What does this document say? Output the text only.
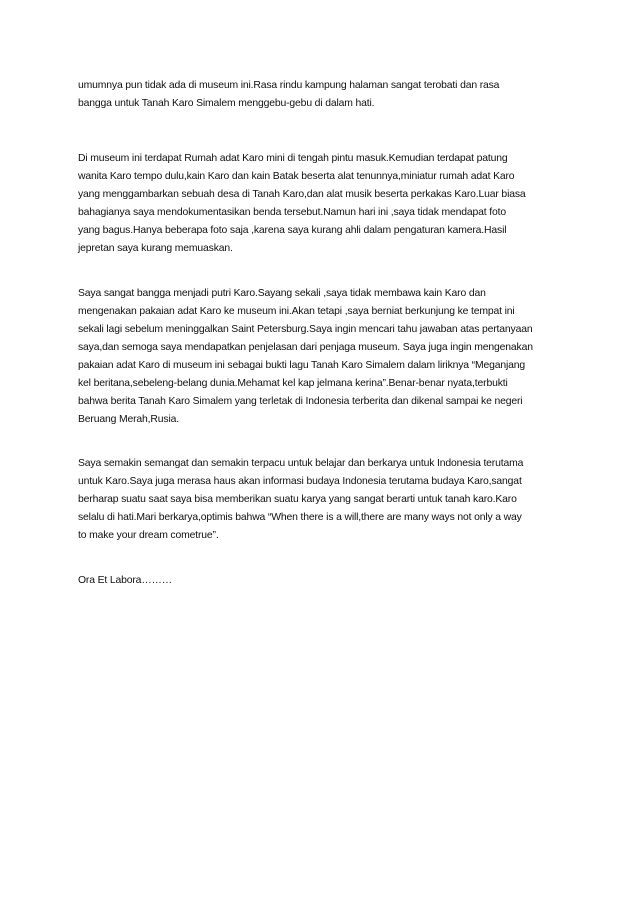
umumnya pun tidak ada di museum ini.Rasa rindu kampung halaman sangat terobati dan rasa
bangga untuk Tanah Karo Simalem menggebu-gebu di dalam hati.
Di museum ini terdapat Rumah adat Karo mini di tengah pintu masuk.Kemudian terdapat patung
wanita Karo tempo dulu,kain Karo dan kain Batak beserta alat tenunnya,miniatur rumah adat Karo
yang menggambarkan sebuah desa di Tanah Karo,dan alat musik beserta perkakas Karo.Luar biasa
bahagianya saya mendokumentasikan benda tersebut.Namun hari ini ,saya tidak mendapat foto
yang bagus.Hanya beberapa foto saja ,karena saya kurang ahli dalam pengaturan kamera.Hasil
jepretan saya kurang memuaskan.
Saya sangat bangga menjadi putri Karo.Sayang sekali ,saya tidak membawa kain Karo dan
mengenakan pakaian adat Karo ke museum ini.Akan tetapi ,saya berniat berkunjung ke tempat ini
sekali lagi sebelum meninggalkan Saint Petersburg.Saya ingin mencari tahu jawaban atas pertanyaan
saya,dan semoga saya mendapatkan penjelasan dari penjaga museum. Saya juga ingin mengenakan
pakaian adat Karo di museum ini sebagai bukti lagu Tanah Karo Simalem dalam liriknya “Meganjang
kel beritana,sebeleng-belang dunia.Mehamat kel kap jelmana kerina”.Benar-benar nyata,terbukti
bahwa berita Tanah Karo Simalem yang terletak di Indonesia terberita dan dikenal sampai ke negeri
Beruang Merah,Rusia.
Saya semakin semangat dan semakin terpacu untuk belajar dan berkarya untuk Indonesia terutama
untuk Karo.Saya juga merasa haus akan informasi budaya Indonesia terutama budaya Karo,sangat
berharap suatu saat saya bisa memberikan suatu karya yang sangat berarti untuk tanah karo.Karo
selalu di hati.Mari berkarya,optimis bahwa “When there is a will,there are many ways not only a way
to make your dream cometrue”.
Ora Et Labora………
